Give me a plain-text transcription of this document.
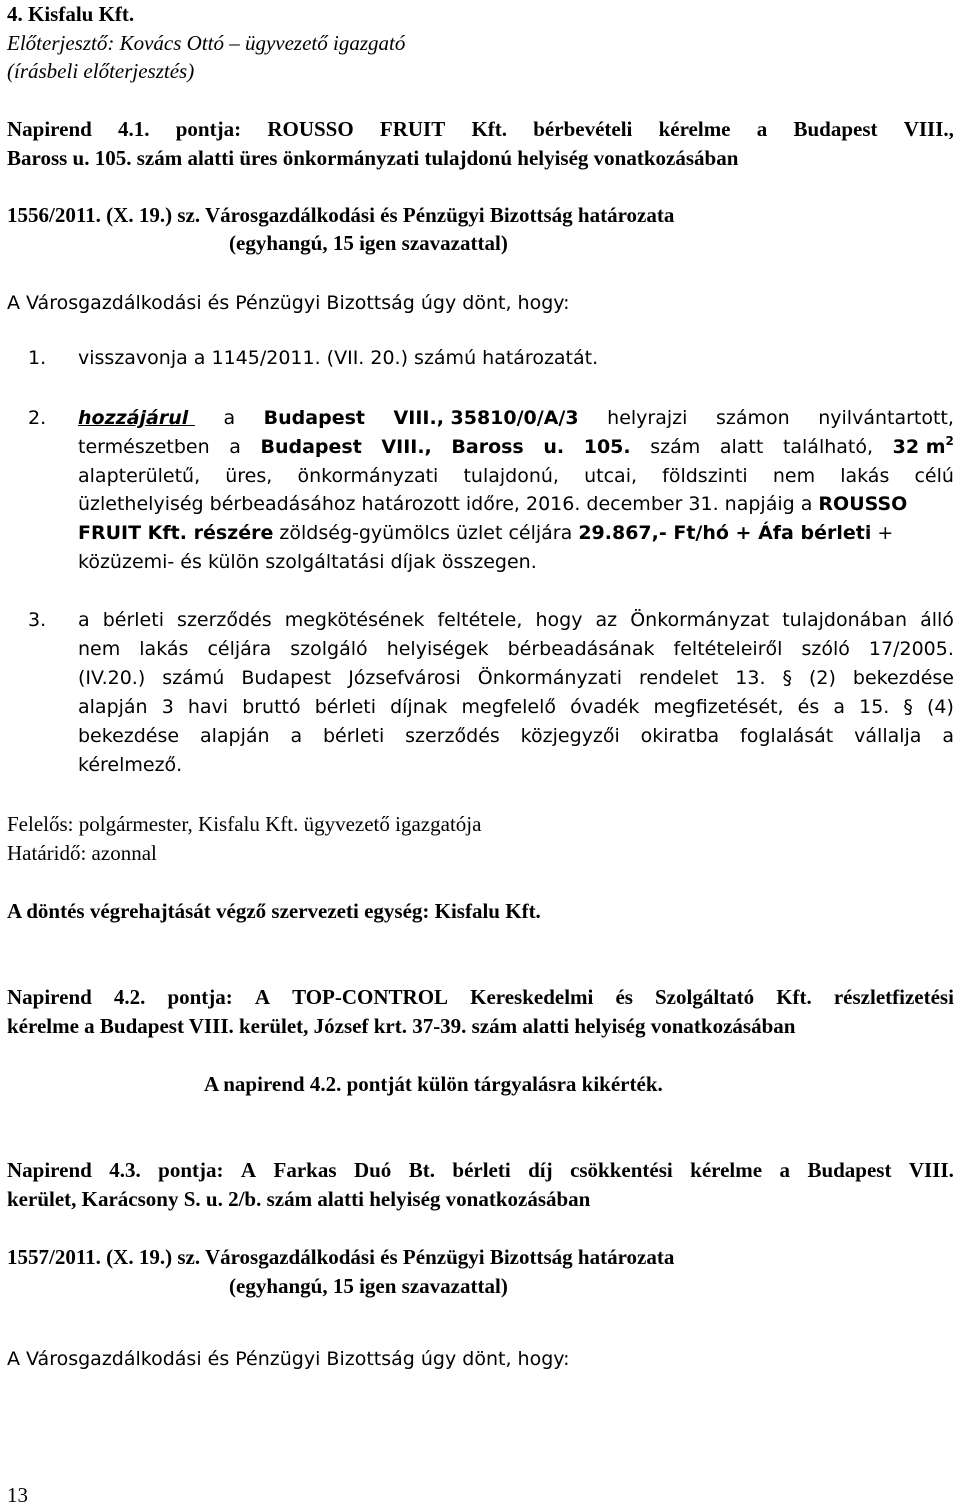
4. Kisfalu Kft.
Előterjesztő: Kovács Ottó – ügyvezető igazgató
(írásbeli előterjesztés)
Napirend 4.1. pontja: ROUSSO FRUIT Kft. bérbevételi kérelme a Budapest VIII.,
Baross u. 105. szám alatti üres önkormányzati tulajdonú helyiség vonatkozásában
1556/2011. (X. 19.) sz. Városgazdálkodási és Pénzügyi Bizottság határozata
(egyhangú, 15 igen szavazattal)
A Városgazdálkodási és Pénzügyi Bizottság úgy dönt, hogy:
1. visszavonja a 1145/2011. (VII. 20.) számú határozatát.
2. hozzájárul	a Budapest VIII., 35810/0/A/3 helyrajzi számon nyilvántartott,
természetben a Budapest VIII., Baross u. 105. szám alatt található, 32 $m^2$
alapterületű, üres, önkormányzati tulajdonú, utcai, földszinti nem lakás célú
üzlethelyiség bérbeadásához határozott időre, 2016. december 31. napjáig a ROUSSO
FRUIT Kft. részére zöldség-gyümölcs üzlet céljára 29.867,- Ft/hó + Áfa bérleti +
közüzemi- és külön szolgáltatási díjak összegen.
3. a bérleti szerződés megkötésének feltétele, hogy az Önkormányzat tulajdonában álló
nem lakás céljára szolgáló helyiségek bérbeadásának feltételeiről szóló 17/2005.
(IV.20.) számú Budapest Józsefvárosi Önkormányzati rendelet 13. § (2) bekezdése
alapján 3 havi bruttó bérleti díjnak megfelelő óvadék megfizetését, és a 15. § (4)
bekezdése alapján a bérleti szerződés közjegyzői okiratba foglalását vállalja a
kérelmező.
Felelős: polgármester, Kisfalu Kft. ügyvezető igazgatója
Határidő: azonnal
A döntés végrehajtását végző szervezeti egység: Kisfalu Kft.
Napirend 4.2. pontja: A TOP-CONTROL Kereskedelmi és Szolgáltató Kft. részletfizetési
kérelme a Budapest VIII. kerület, József krt. 37-39. szám alatti helyiség vonatkozásában
A napirend 4.2. pontját külön tárgyalásra kikérték.
Napirend 4.3. pontja: A Farkas Duó Bt. bérleti díj csökkentési kérelme a Budapest VIII.
kerület, Karácsony S. u. 2/b. szám alatti helyiség vonatkozásában
1557/2011. (X. 19.) sz. Városgazdálkodási és Pénzügyi Bizottság határozata
(egyhangú, 15 igen szavazattal)
A Városgazdálkodási és Pénzügyi Bizottság úgy dönt, hogy:
13
